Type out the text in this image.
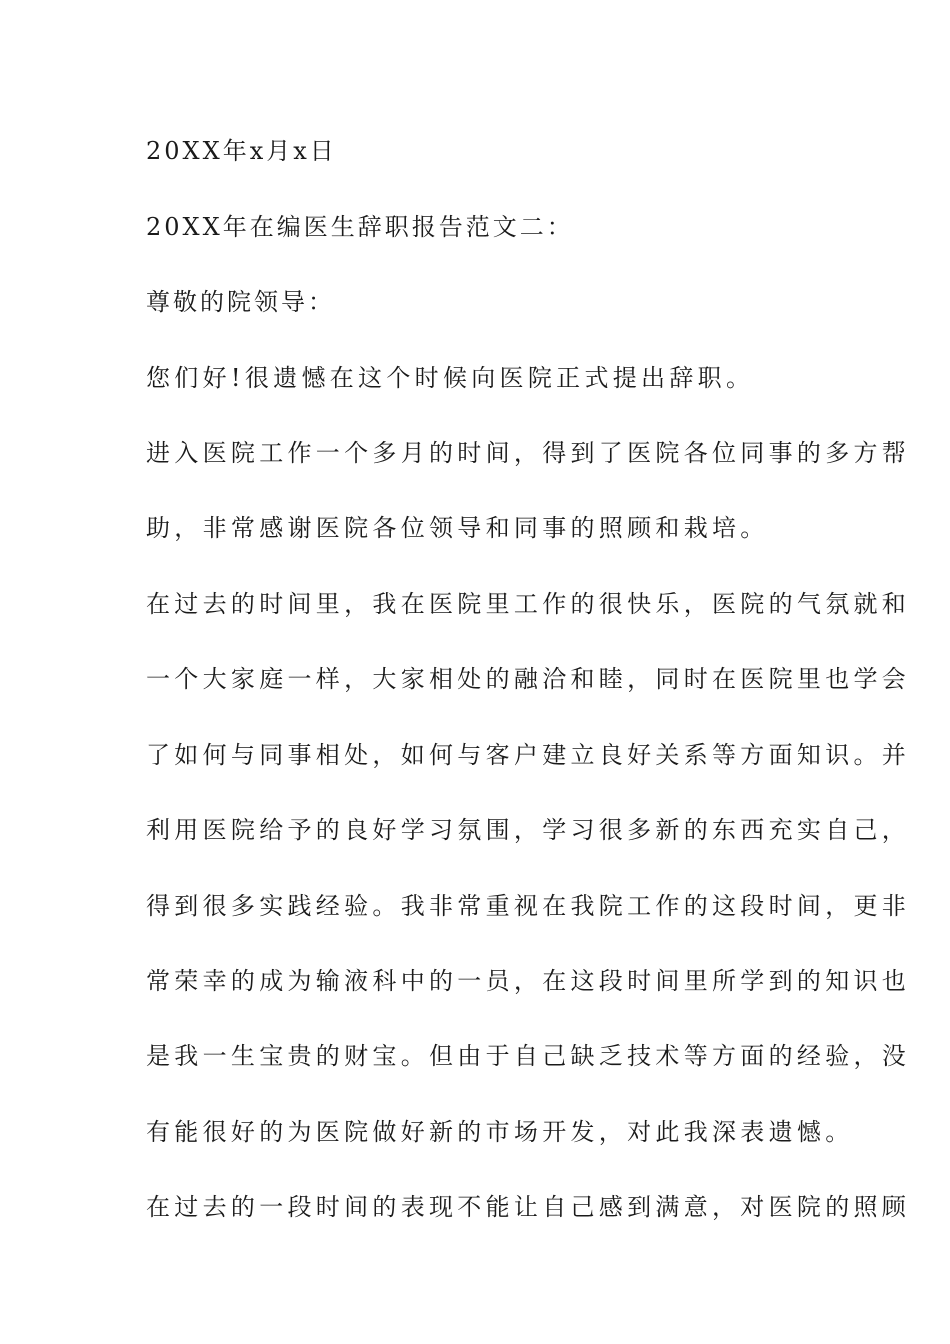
20XX年x月x日
20XX年在编医生辞职报告范文二：
尊敬的院领导：
您们好!很遗憾在这个时候向医院正式提出辞职。
进入医院工作一个多月的时间，得到了医院各位同事的多方帮
助，非常感谢医院各位领导和同事的照顾和栽培。
在过去的时间里，我在医院里工作的很快乐，医院的气氛就和
一个大家庭一样，大家相处的融洽和睦，同时在医院里也学会
了如何与同事相处，如何与客户建立良好关系等方面知识。并
利用医院给予的良好学习氛围，学习很多新的东西充实自己，
得到很多实践经验。我非常重视在我院工作的这段时间，更非
常荣幸的成为输液科中的一员，在这段时间里所学到的知识也
是我一生宝贵的财宝。但由于自己缺乏技术等方面的经验，没
有能很好的为医院做好新的市场开发，对此我深表遗憾。
在过去的一段时间的表现不能让自己感到满意，对医院的照顾
